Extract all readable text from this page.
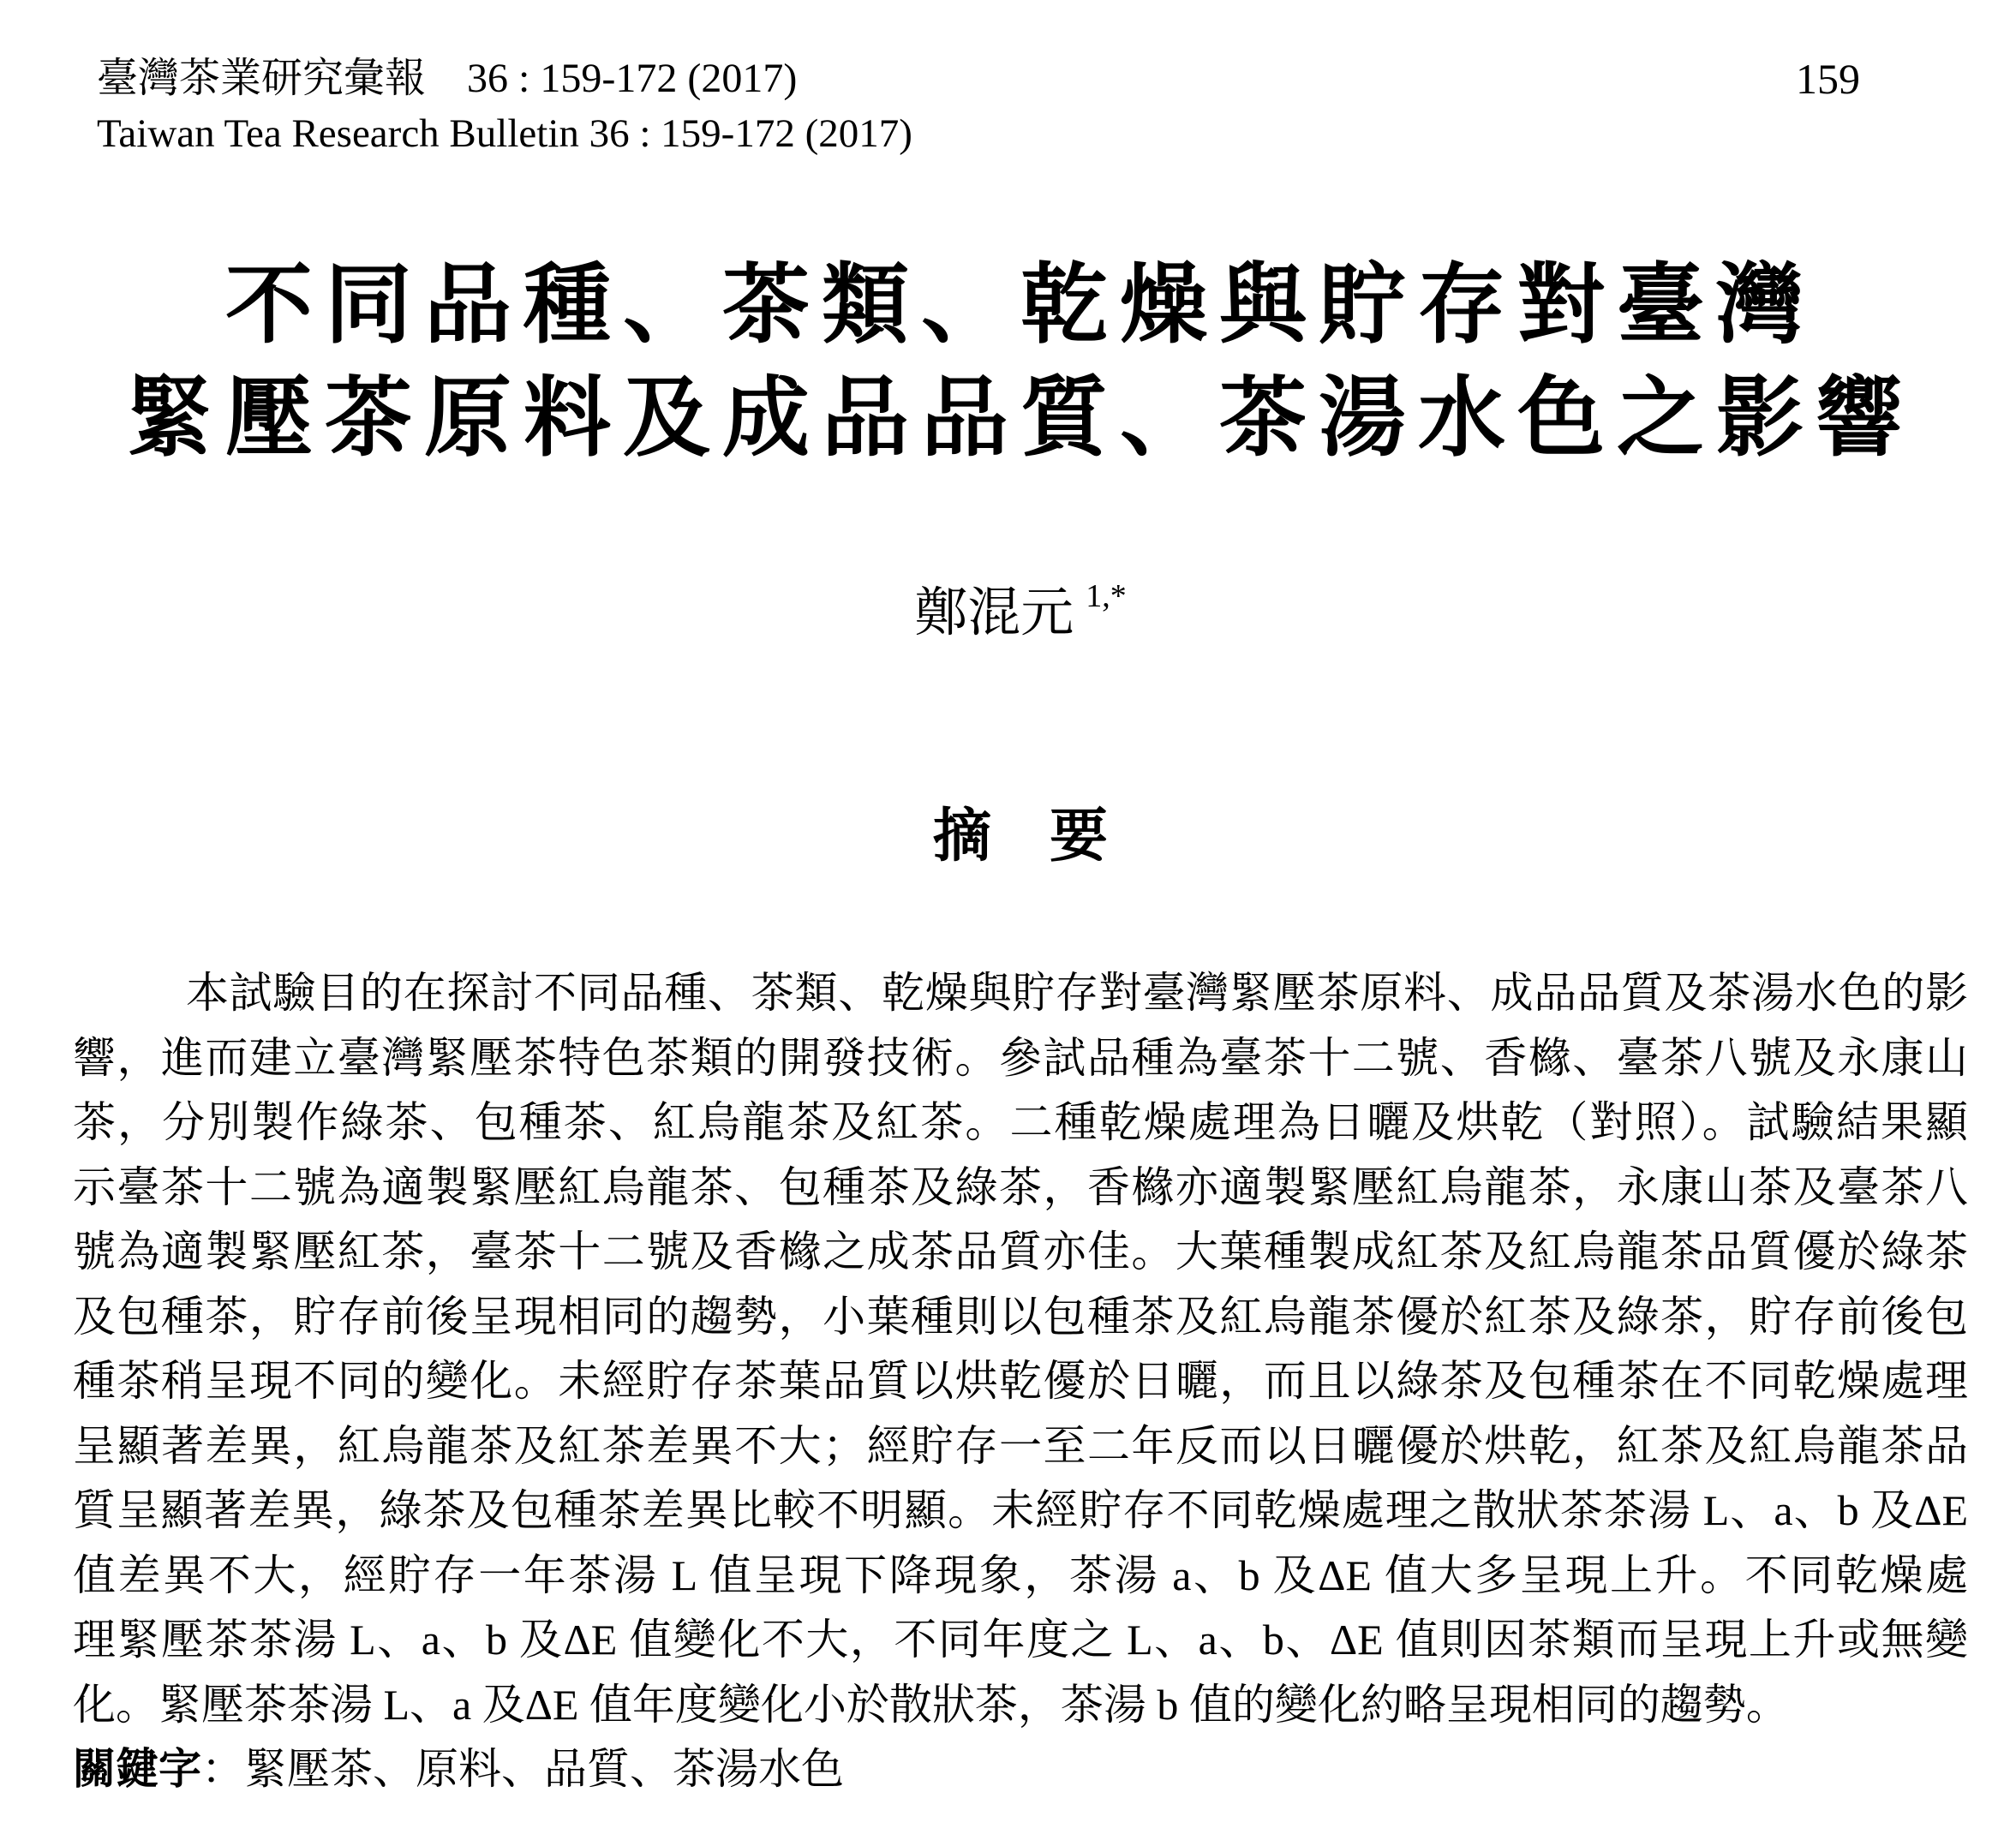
159
臺灣茶業研究彙報 36 : 159-172 (2017)
Taiwan Tea Research Bulletin 36 : 159-172 (2017)
不同品種、茶類、乾燥與貯存對臺灣
緊壓茶原料及成品品質、茶湯水色之影響
鄭混元 $^{1,*}$
摘　要
本試驗目的在探討不同品種、茶類、乾燥與貯存對臺灣緊壓茶原料、成品品質及茶湯水色的影
響，進而建立臺灣緊壓茶特色茶類的開發技術。參試品種為臺茶十二號、香櫞、臺茶八號及永康山
茶，分別製作綠茶、包種茶、紅烏龍茶及紅茶。二種乾燥處理為日曬及烘乾（對照）。試驗結果顯
示臺茶十二號為適製緊壓紅烏龍茶、包種茶及綠茶，香櫞亦適製緊壓紅烏龍茶，永康山茶及臺茶八
號為適製緊壓紅茶，臺茶十二號及香櫞之成茶品質亦佳。大葉種製成紅茶及紅烏龍茶品質優於綠茶
及包種茶，貯存前後呈現相同的趨勢，小葉種則以包種茶及紅烏龍茶優於紅茶及綠茶，貯存前後包
種茶稍呈現不同的變化。未經貯存茶葉品質以烘乾優於日曬，而且以綠茶及包種茶在不同乾燥處理
呈顯著差異，紅烏龍茶及紅茶差異不大；經貯存一至二年反而以日曬優於烘乾，紅茶及紅烏龍茶品
質呈顯著差異，綠茶及包種茶差異比較不明顯。未經貯存不同乾燥處理之散狀茶茶湯 L、a、b 及ΔE
值差異不大，經貯存一年茶湯 L 值呈現下降現象，茶湯 a、b 及ΔE 值大多呈現上升。不同乾燥處
理緊壓茶茶湯 L、a、b 及ΔE 值變化不大，不同年度之 L、a、b、ΔE 值則因茶類而呈現上升或無變
化。緊壓茶茶湯 L、a 及ΔE 值年度變化小於散狀茶，茶湯 b 值的變化約略呈現相同的趨勢。
關鍵字：緊壓茶、原料、品質、茶湯水色
